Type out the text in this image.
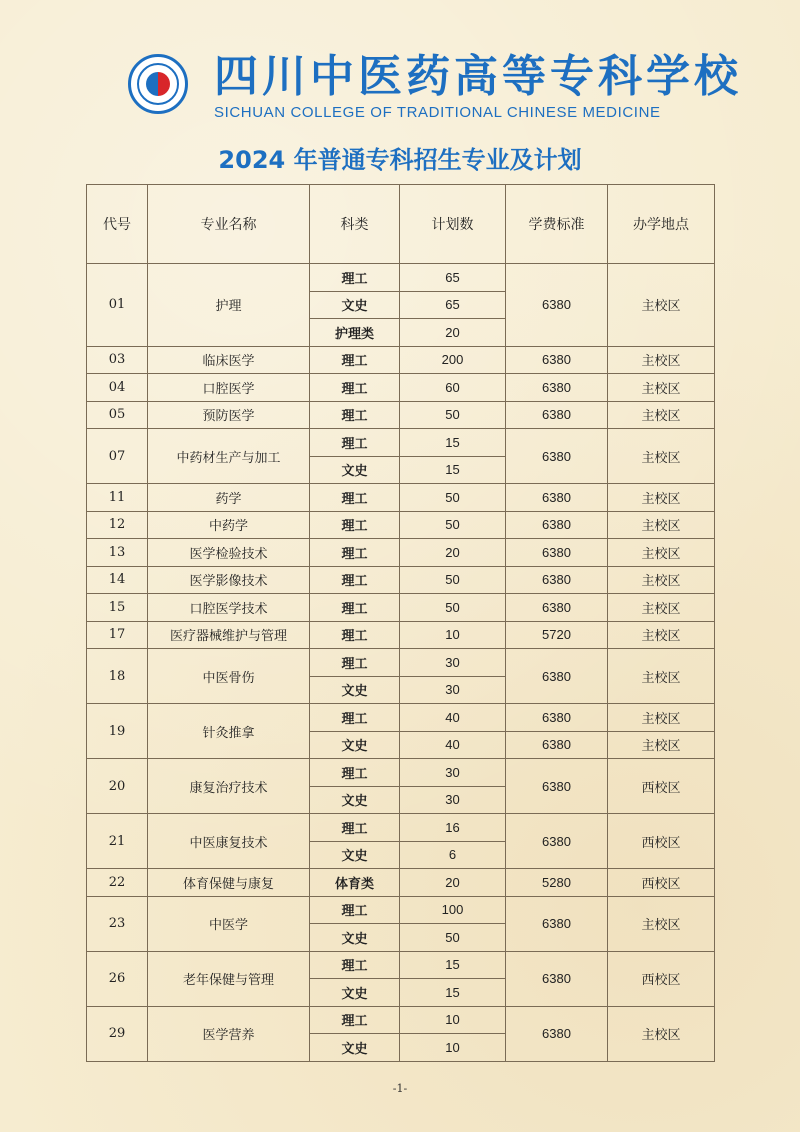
四川中医药高等专科学校
SICHUAN COLLEGE OF TRADITIONAL CHINESE MEDICINE
2024 年普通专科招生专业及计划
代号	专业名称	科类	计划数	学费标准	办学地点
01	护理	理工	65	6380	主校区
		文史	65		
		护理类	20		
03	临床医学	理工	200	6380	主校区
04	口腔医学	理工	60	6380	主校区
05	预防医学	理工	50	6380	主校区
07	中药材生产与加工	理工	15	6380	主校区
		文史	15		
11	药学	理工	50	6380	主校区
12	中药学	理工	50	6380	主校区
13	医学检验技术	理工	20	6380	主校区
14	医学影像技术	理工	50	6380	主校区
15	口腔医学技术	理工	50	6380	主校区
17	医疗器械维护与管理	理工	10	5720	主校区
18	中医骨伤	理工	30	6380	主校区
		文史	30		
19	针灸推拿	理工	40	6380	主校区
		文史	40	6380	主校区
20	康复治疗技术	理工	30	6380	西校区
		文史	30		
21	中医康复技术	理工	16	6380	西校区
		文史	6		
22	体育保健与康复	体育类	20	5280	西校区
23	中医学	理工	100	6380	主校区
		文史	50		
26	老年保健与管理	理工	15	6380	西校区
		文史	15		
29	医学营养	理工	10	6380	主校区
		文史	10		
-1-
